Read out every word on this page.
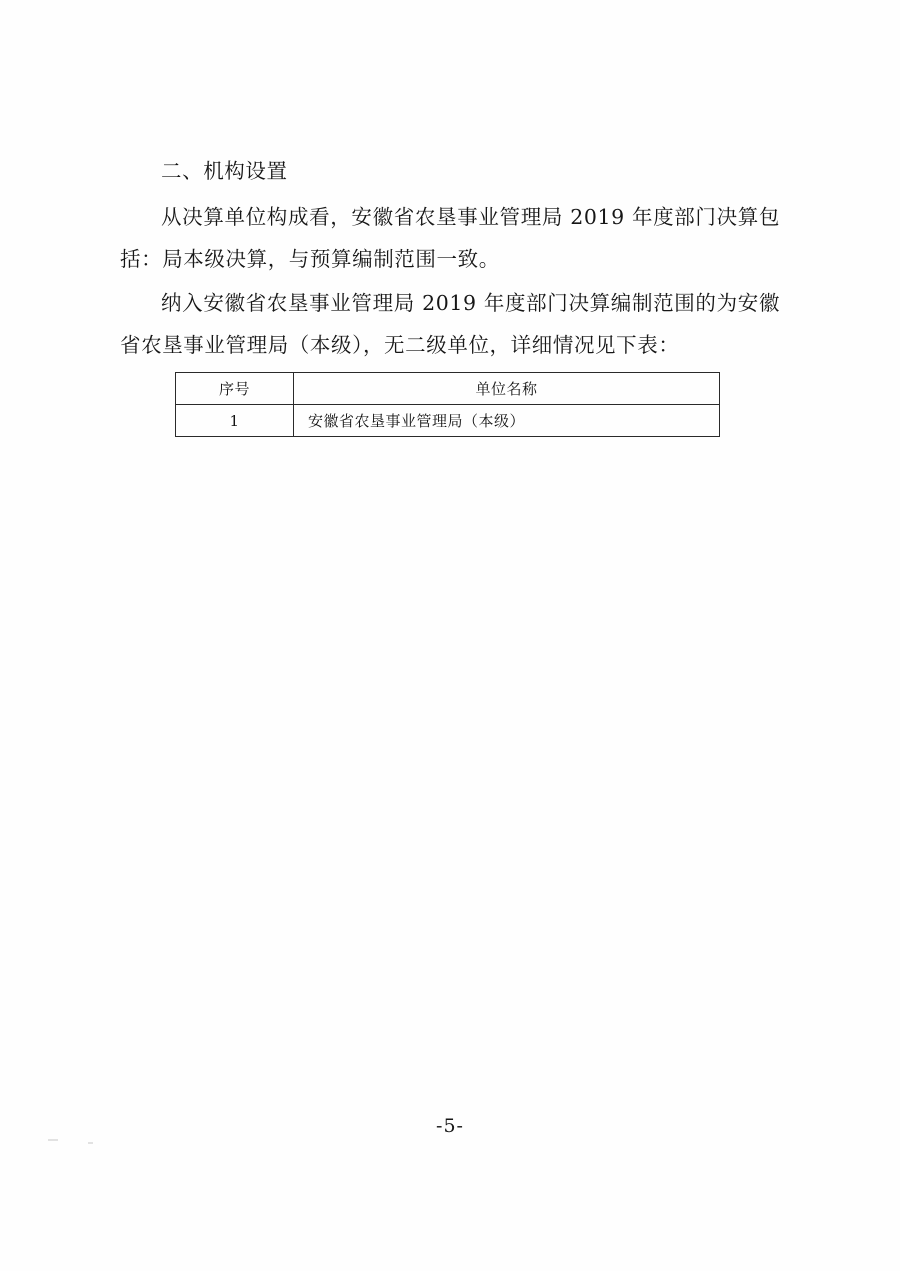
二、机构设置

从决算单位构成看，安徽省农垦事业管理局 2019 年度部门决算包括：局本级决算，与预算编制范围一致。

纳入安徽省农垦事业管理局 2019 年度部门决算编制范围的为安徽省农垦事业管理局（本级），无二级单位，详细情况见下表：

序号	单位名称
1	安徽省农垦事业管理局（本级）
-5-
